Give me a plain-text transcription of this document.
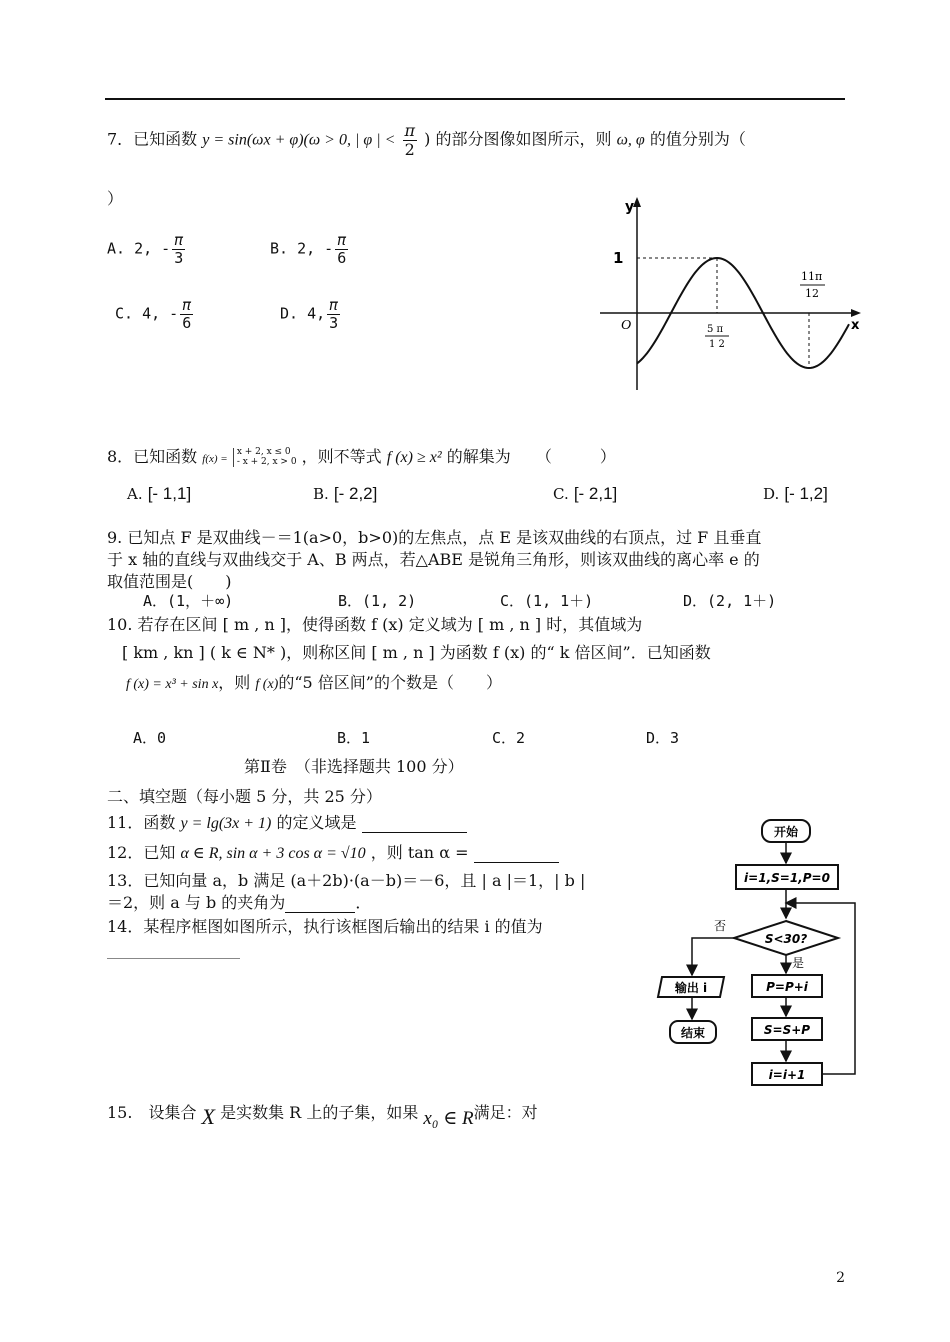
7．已知函数 y = sin(ωx + φ)(ω > 0, | φ | < $\frac{\pi}{2}$ ) 的部分图像如图所示，则 ω, φ 的值分别为（
）
A. 2, - $\frac{\pi}{3}$	B. 2, - $\frac{\pi}{6}$
C. 4, - $\frac{\pi}{6}$	D. 4, $\frac{\pi}{3}$
y
x
O
1
5 π
1 2
11π
12
8．已知函数 f(x) =
x + 2, x ≤ 0
- x + 2, x > 0 ，则不等式 f (x) ≥ x² 的解集为 （　　　）
A. [- 1,1]	B. [- 2,2]	C. [- 2,1]	D. [- 1,2]
9. 已知点 F 是双曲线－＝1(a>0，b>0)的左焦点，点 E 是该双曲线的右顶点，过 F 且垂直
于 x 轴的直线与双曲线交于 A、B 两点，若△ABE 是锐角三角形，则该双曲线的离心率 e 的
取值范围是(　　)
A．(1，＋∞)	B．(1, 2)	C．(1, 1＋)	D．(2, 1＋)
10. 若存在区间 [ m , n ]，使得函数 f (x) 定义域为 [ m , n ] 时，其值域为
[ km , kn ] ( k ∈ N* )，则称区间 [ m , n ] 为函数 f (x) 的“ k 倍区间”．已知函数
f (x) = x³ + sin x，则 f (x)的“5 倍区间”的个数是（　　）
A．0	B．1	C．2	D．3
第Ⅱ卷　（非选择题共 100 分）
二、填空题（每小题 5 分，共 25 分）
11．函数 y = lg(3x + 1) 的定义域是
12．已知 α ∈ R, sin α + 3 cos α = √10 ，则 tan α =
13．已知向量 a，b 满足 (a＋2b)·(a－b)＝－6，且 | a |＝1，| b |
＝2，则 a 与 b 的夹角为	．
14．某程序框图如图所示，执行该框图后输出的结果 i 的值为
开始
i=1,S=1,P=0
S<30?
否
是
输出 i
结束
P=P+i
S=S+P
i=i+1
15.　设集合 X 是实数集 R 上的子集，如果 x₀ ∈ R满足：对
2
